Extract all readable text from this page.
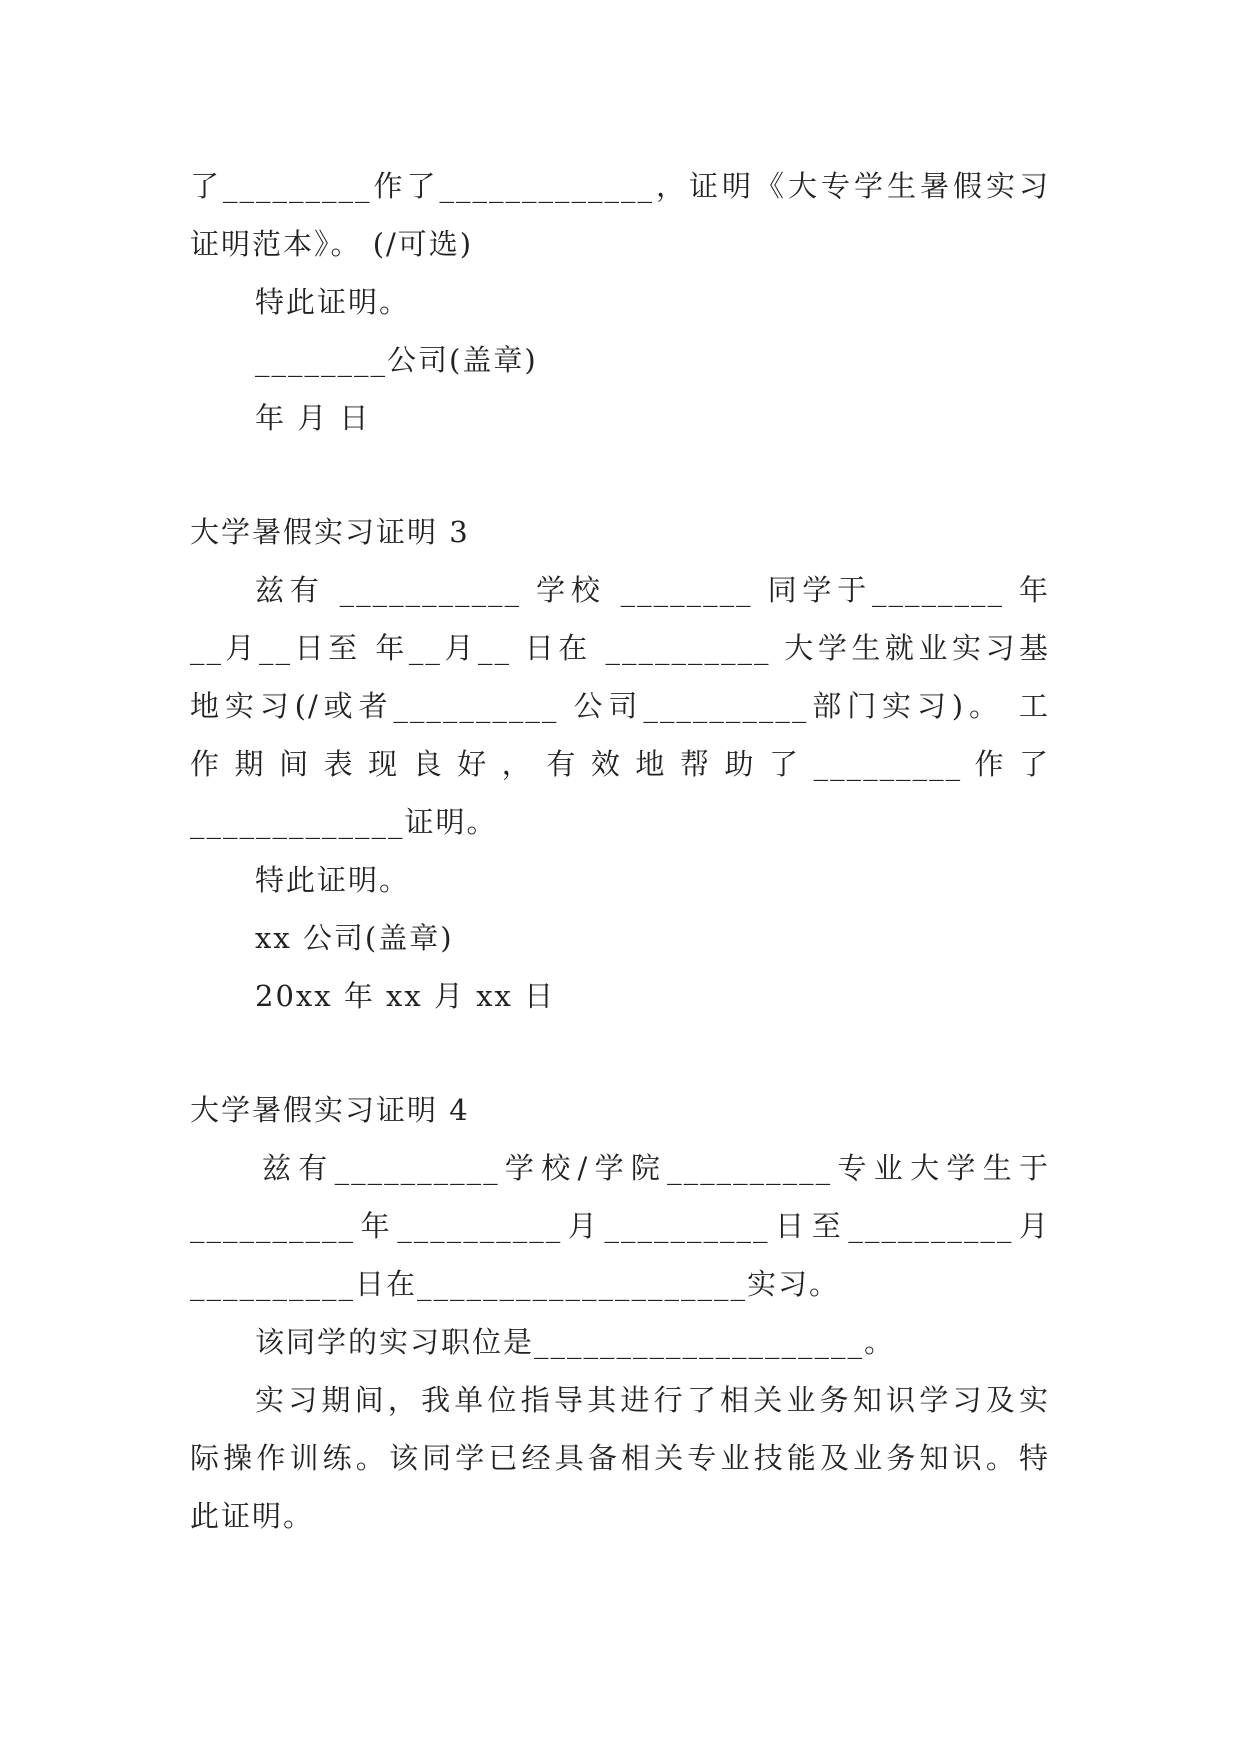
了_________作了_____________，证明《大专学生暑假实习
证明范本》。 (/可选)
特此证明。
________公司(盖章)
年 月 日
大学暑假实习证明 3
兹有 ___________ 学校 ________ 同学于________ 年
__月__日至 年__月__ 日在 __________ 大学生就业实习基
地实习(/或者__________ 公司__________部门实习)。 工
作 期 间 表 现 良 好 ， 有 效 地 帮 助 了 _________ 作 了
_____________证明。
特此证明。
xx 公司(盖章)
20xx 年 xx 月 xx 日
大学暑假实习证明 4
兹有__________学校/学院__________专业大学生于
__________年__________月__________日至__________月
__________日在____________________实习。
该同学的实习职位是____________________。
实习期间，我单位指导其进行了相关业务知识学习及实
际操作训练。该同学已经具备相关专业技能及业务知识。特
此证明。
